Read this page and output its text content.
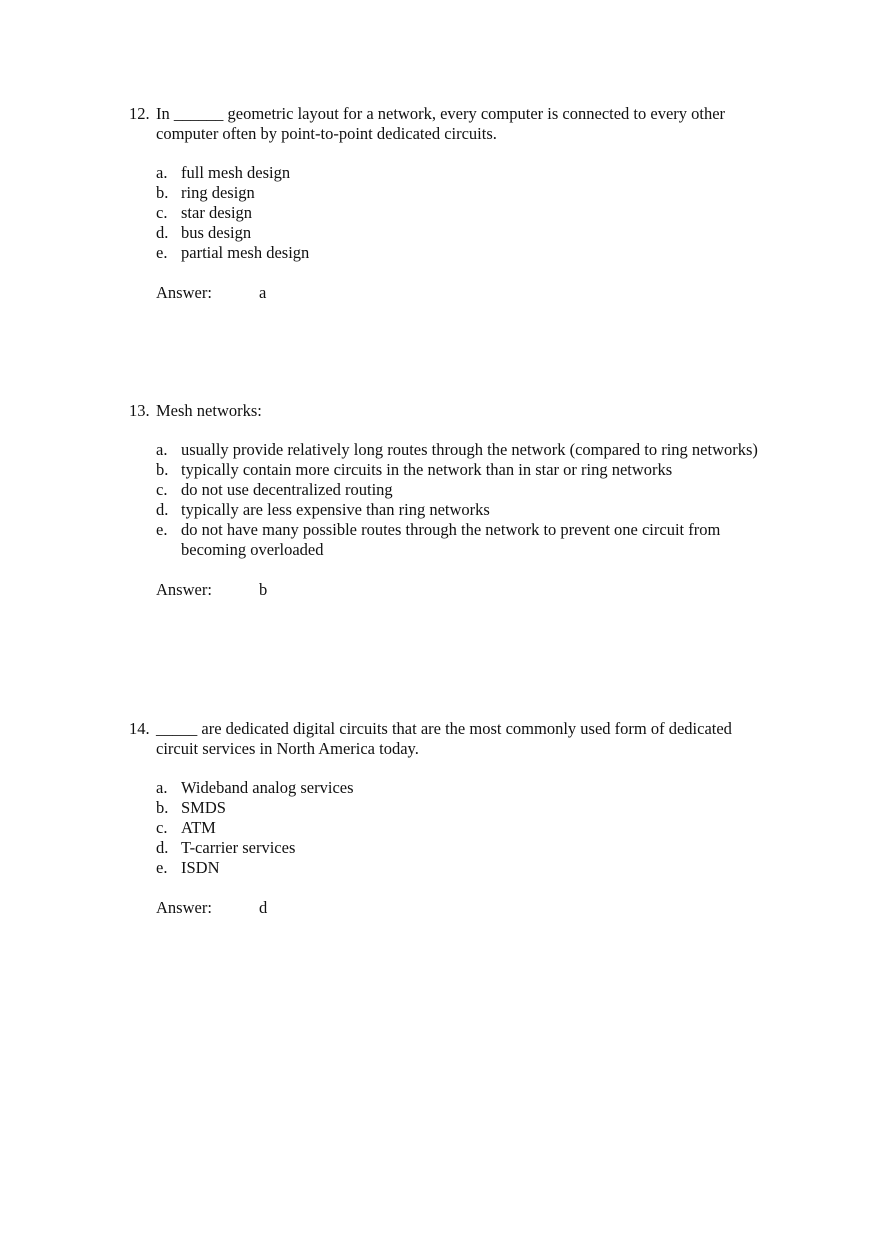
12. In ______ geometric layout for a network, every computer is connected to every other computer often by point-to-point dedicated circuits.

a. full mesh design
b. ring design
c. star design
d. bus design
e. partial mesh design
Answer:	a

13. Mesh networks:

a. usually provide relatively long routes through the network (compared to ring networks)
b. typically contain more circuits in the network than in star or ring networks
c. do not use decentralized routing
d. typically are less expensive than ring networks
e. do not have many possible routes through the network to prevent one circuit from becoming overloaded
Answer:	b

14. _____ are dedicated digital circuits that are the most commonly used form of dedicated circuit services in North America today.

a. Wideband analog services
b. SMDS
c. ATM
d. T-carrier services
e. ISDN
Answer:	d
